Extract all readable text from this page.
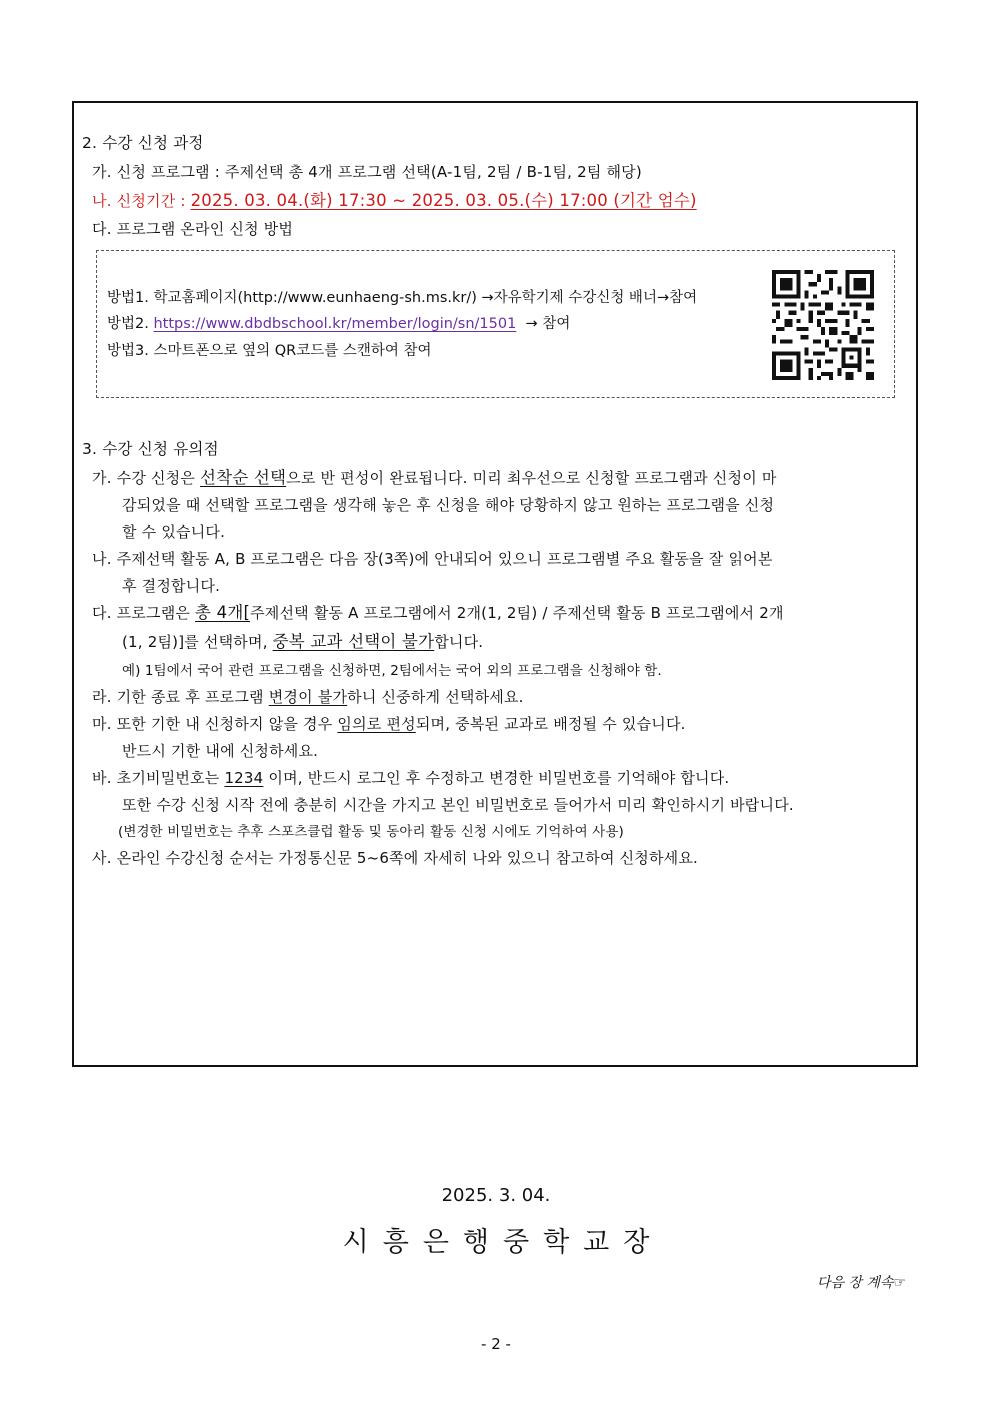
2. 수강 신청 과정
가. 신청 프로그램 : 주제선택 총 4개 프로그램 선택(A-1팀, 2팀 / B-1팀, 2팀 해당)
나. 신청기간 : 2025. 03. 04.(화) 17:30 ~ 2025. 03. 05.(수) 17:00 (기간 엄수)
다. 프로그램 온라인 신청 방법
방법1. 학교홈페이지(http://www.eunhaeng-sh.ms.kr/) →자유학기제 수강신청 배너→참여
방법2. https://www.dbdbschool.kr/member/login/sn/1501  → 참여
방법3. 스마트폰으로 옆의 QR코드를 스캔하여 참여
3. 수강 신청 유의점
가. 수강 신청은 선착순 선택으로 반 편성이 완료됩니다. 미리 최우선으로 신청할 프로그램과 신청이 마
감되었을 때 선택할 프로그램을 생각해 놓은 후 신청을 해야 당황하지 않고 원하는 프로그램을 신청
할 수 있습니다.
나. 주제선택 활동 A, B 프로그램은 다음 장(3쪽)에 안내되어 있으니 프로그램별 주요 활동을 잘 읽어본
후 결정합니다.
다. 프로그램은 총 4개[주제선택 활동 A 프로그램에서 2개(1, 2팀) / 주제선택 활동 B 프로그램에서 2개
(1, 2팀)]를 선택하며, 중복 교과 선택이 불가합니다.
예) 1팀에서 국어 관련 프로그램을 신청하면, 2팀에서는 국어 외의 프로그램을 신청해야 함.
라. 기한 종료 후 프로그램 변경이 불가하니 신중하게 선택하세요.
마. 또한 기한 내 신청하지 않을 경우 임의로 편성되며, 중복된 교과로 배정될 수 있습니다.
반드시 기한 내에 신청하세요.
바. 초기비밀번호는 1234 이며, 반드시 로그인 후 수정하고 변경한 비밀번호를 기억해야 합니다.
또한 수강 신청 시작 전에 충분히 시간을 가지고 본인 비밀번호로 들어가서 미리 확인하시기 바랍니다.
(변경한 비밀번호는 추후 스포츠클럽 활동 및 동아리 활동 신청 시에도 기억하여 사용)
사. 온라인 수강신청 순서는 가정통신문 5~6쪽에 자세히 나와 있으니 참고하여 신청하세요.
2025. 3. 04.
시흥은행중학교장
다음 장 계속☞
- 2 -
